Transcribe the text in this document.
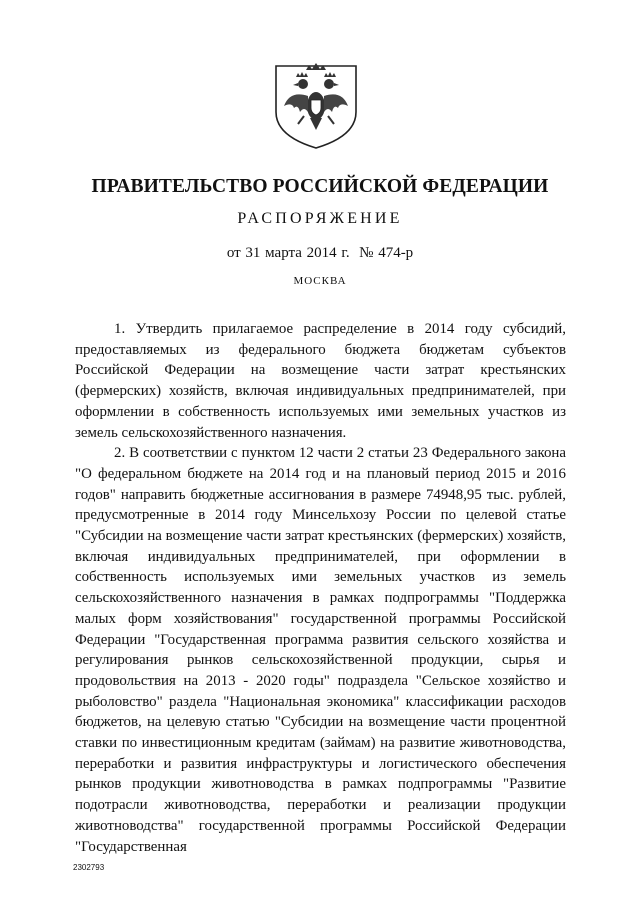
ПРАВИТЕЛЬСТВО РОССИЙСКОЙ ФЕДЕРАЦИИ
РАСПОРЯЖЕНИЕ
от 31 марта 2014 г.  № 474-р
МОСКВА

1. Утвердить прилагаемое распределение в 2014 году субсидий, предоставляемых из федерального бюджета бюджетам субъектов Российской Федерации на возмещение части затрат крестьянских (фермерских) хозяйств, включая индивидуальных предпринимателей, при оформлении в собственность используемых ими земельных участков из земель сельскохозяйственного назначения.

2. В соответствии с пунктом 12 части 2 статьи 23 Федерального закона "О федеральном бюджете на 2014 год и на плановый период 2015 и 2016 годов" направить бюджетные ассигнования в размере 74948,95 тыс. рублей, предусмотренные в 2014 году Минсельхозу России по целевой статье "Субсидии на возмещение части затрат крестьянских (фермерских) хозяйств, включая индивидуальных предпринимателей, при оформлении в собственность используемых ими земельных участков из земель сельскохозяйственного назначения в рамках подпрограммы "Поддержка малых форм хозяйствования" государственной программы Российской Федерации "Государственная программа развития сельского хозяйства и регулирования рынков сельскохозяйственной продукции, сырья и продовольствия на 2013 - 2020 годы" подраздела "Сельское хозяйство и рыболовство" раздела "Национальная экономика" классификации расходов бюджетов, на целевую статью "Субсидии на возмещение части процентной ставки по инвестиционным кредитам (займам) на развитие животноводства, переработки и развития инфраструктуры и логистического обеспечения рынков продукции животноводства в рамках подпрограммы "Развитие подотрасли животноводства, переработки и реализации продукции животноводства" государственной программы Российской Федерации "Государственная

2302793
